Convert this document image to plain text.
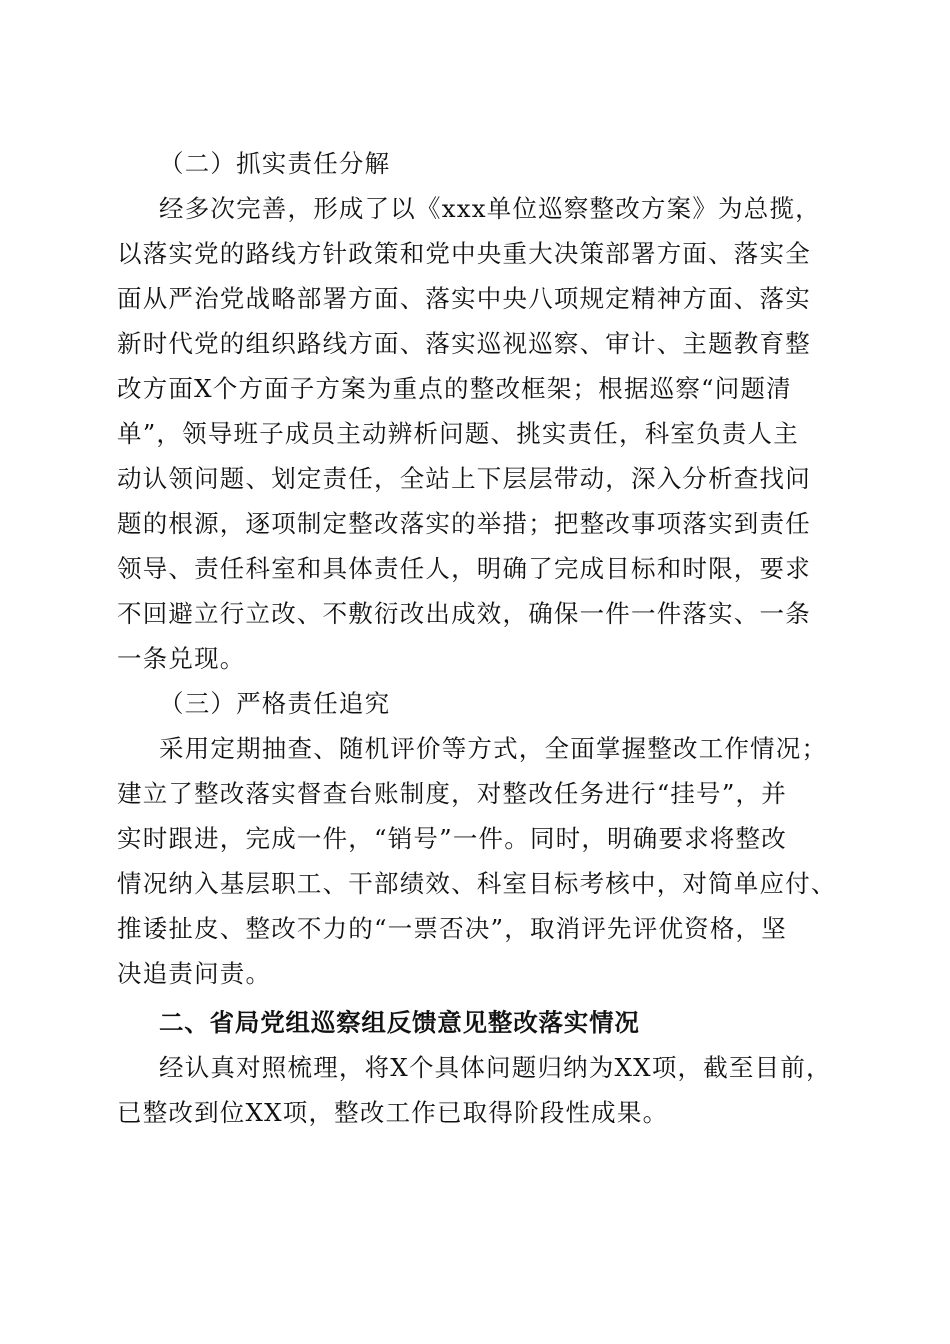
（二）抓实责任分解
经多次完善，形成了以《xxx单位巡察整改方案》为总揽，
以落实党的路线方针政策和党中央重大决策部署方面、落实全
面从严治党战略部署方面、落实中央八项规定精神方面、落实
新时代党的组织路线方面、落实巡视巡察、审计、主题教育整
改方面X个方面子方案为重点的整改框架；根据巡察“问题清
单”，领导班子成员主动辨析问题、挑实责任，科室负责人主
动认领问题、划定责任，全站上下层层带动，深入分析查找问
题的根源，逐项制定整改落实的举措；把整改事项落实到责任
领导、责任科室和具体责任人，明确了完成目标和时限，要求
不回避立行立改、不敷衍改出成效，确保一件一件落实、一条
一条兑现。
（三）严格责任追究
采用定期抽查、随机评价等方式，全面掌握整改工作情况；
建立了整改落实督查台账制度，对整改任务进行“挂号”，并
实时跟进，完成一件，“销号”一件。同时，明确要求将整改
情况纳入基层职工、干部绩效、科室目标考核中，对简单应付、
推诿扯皮、整改不力的“一票否决”，取消评先评优资格，坚
决追责问责。
二、省局党组巡察组反馈意见整改落实情况
经认真对照梳理，将X个具体问题归纳为XX项，截至目前，
已整改到位XX项，整改工作已取得阶段性成果。
